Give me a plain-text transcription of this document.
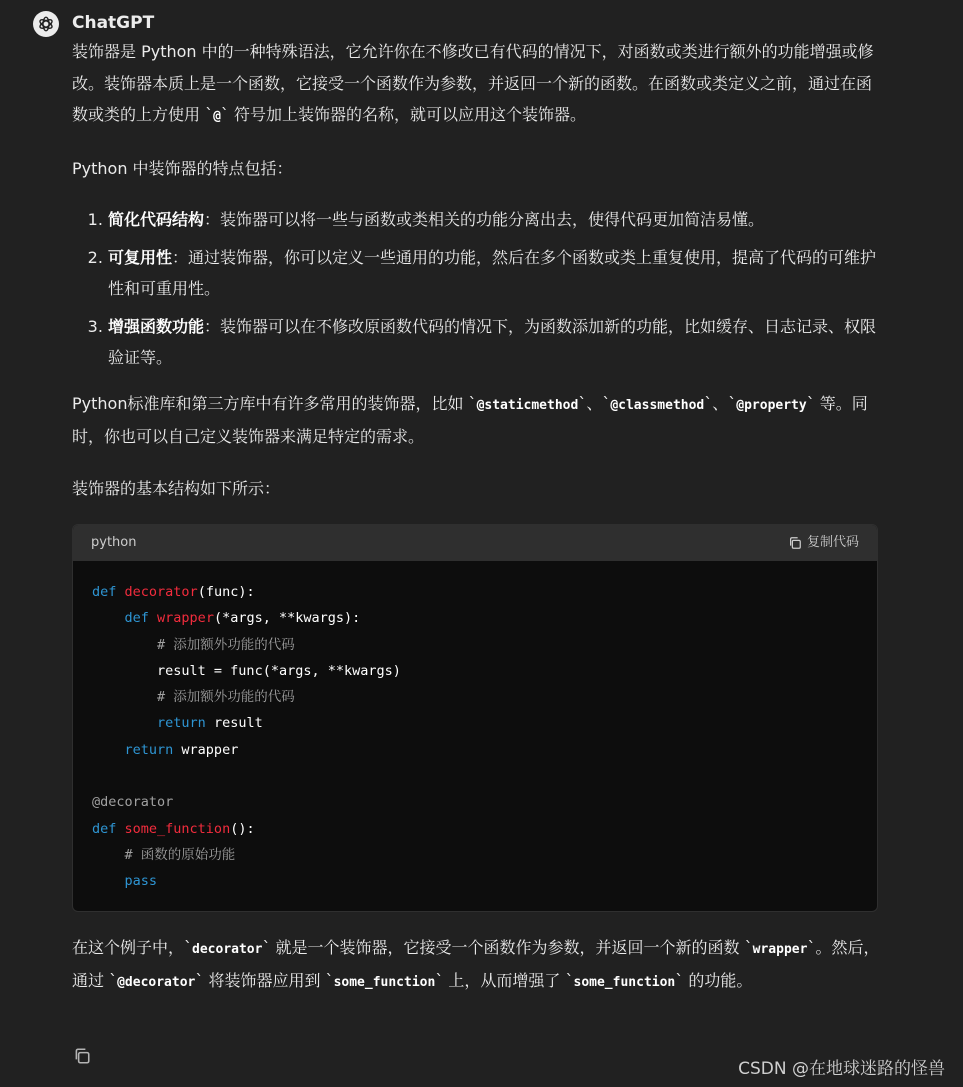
ChatGPT

装饰器是 Python 中的一种特殊语法，它允许你在不修改已有代码的情况下，对函数或类进行额外的功能增强或修改。装饰器本质上是一个函数，它接受一个函数作为参数，并返回一个新的函数。在函数或类定义之前，通过在函数或类的上方使用 `@` 符号加上装饰器的名称，就可以应用这个装饰器。

Python 中装饰器的特点包括：

1. 简化代码结构：装饰器可以将一些与函数或类相关的功能分离出去，使得代码更加简洁易懂。
2. 可复用性：通过装饰器，你可以定义一些通用的功能，然后在多个函数或类上重复使用，提高了代码的可维护性和可重用性。
3. 增强函数功能：装饰器可以在不修改原函数代码的情况下，为函数添加新的功能，比如缓存、日志记录、权限验证等。

Python标准库和第三方库中有许多常用的装饰器，比如 `@staticmethod`、`@classmethod`、`@property` 等。同时，你也可以自己定义装饰器来满足特定的需求。

装饰器的基本结构如下所示：

python	复制代码
def decorator(func):
def wrapper(*args, **kwargs):
# 添加额外功能的代码
result = func(*args, **kwargs)
# 添加额外功能的代码
return result
return wrapper

@decorator
def some_function():
# 函数的原始功能
pass

在这个例子中，`decorator` 就是一个装饰器，它接受一个函数作为参数，并返回一个新的函数 `wrapper`。然后，通过 `@decorator` 将装饰器应用到 `some_function` 上，从而增强了 `some_function` 的功能。

CSDN @在地球迷路的怪兽
